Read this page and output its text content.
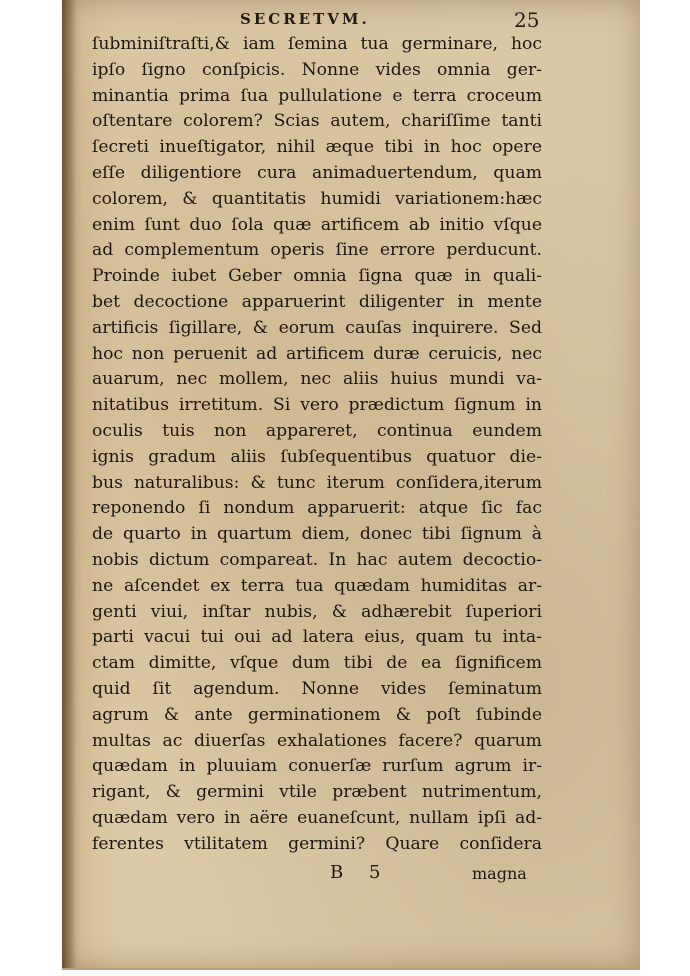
SECRETVM.	25
ſubminiſtraſti,& iam ſemina tua germinare, hoc
ipſo ſigno conſpicis. Nonne vides omnia ger-
minantia prima ſua pullulatione e terra croceum
oſtentare colorem? Scias autem, chariſſime tanti
ſecreti inueſtigator, nihil æque tibi in hoc opere
eſſe diligentiore cura animaduertendum, quam
colorem, & quantitatis humidi variationem:hæc
enim ſunt duo ſola quæ artificem ab initio vſque
ad complementum operis ſine errore perducunt.
Proinde iubet Geber omnia ſigna quæ in quali-
bet decoctione apparuerint diligenter in mente
artificis ſigillare, & eorum cauſas inquirere. Sed
hoc non peruenit ad artificem duræ ceruicis, nec
auarum, nec mollem, nec aliis huius mundi va-
nitatibus irretitum. Si vero prædictum ſignum in
oculis tuis non appareret, continua eundem
ignis gradum aliis ſubſequentibus quatuor die-
bus naturalibus: & tunc iterum conſidera,iterum
reponendo ſi nondum apparuerit: atque ſic fac
de quarto in quartum diem, donec tibi ſignum à
nobis dictum compareat. In hac autem decoctio-
ne aſcendet ex terra tua quædam humiditas ar-
genti viui, inſtar nubis, & adhærebit ſuperiori
parti vacui tui oui ad latera eius, quam tu inta-
ctam dimitte, vſque dum tibi de ea ſignificem
quid ſit agendum. Nonne vides ſeminatum
agrum & ante germinationem & poſt ſubinde
multas ac diuerſas exhalationes facere? quarum
quædam in pluuiam conuerſæ rurſum agrum ir-
rigant, & germini vtile præbent nutrimentum,
quædam vero in aëre euaneſcunt, nullam ipſi ad-
ferentes vtilitatem germini? Quare conſidera
B 5	magna
